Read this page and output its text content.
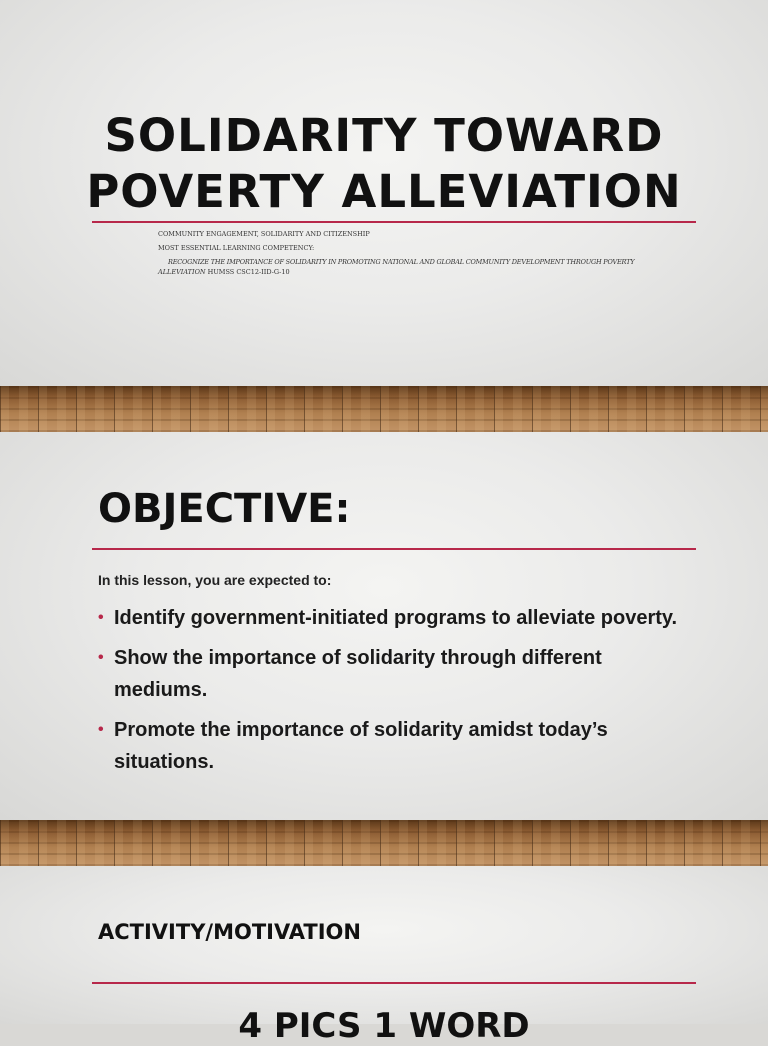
SOLIDARITY TOWARD
POVERTY ALLEVIATION
COMMUNITY ENGAGEMENT, SOLIDARITY AND CITIZENSHIP
MOST ESSENTIAL LEARNING COMPETENCY:
RECOGNIZE THE IMPORTANCE OF SOLIDARITY IN PROMOTING NATIONAL AND GLOBAL COMMUNITY DEVELOPMENT THROUGH POVERTY
ALLEVIATION HUMSS CSC12-IID-G-10
OBJECTIVE:
In this lesson, you are expected to:
• Identify government-initiated programs to alleviate poverty.
• Show the importance of solidarity through different mediums.
• Promote the importance of solidarity amidst today’s situations.
ACTIVITY/MOTIVATION
4 PICS 1 WORD
